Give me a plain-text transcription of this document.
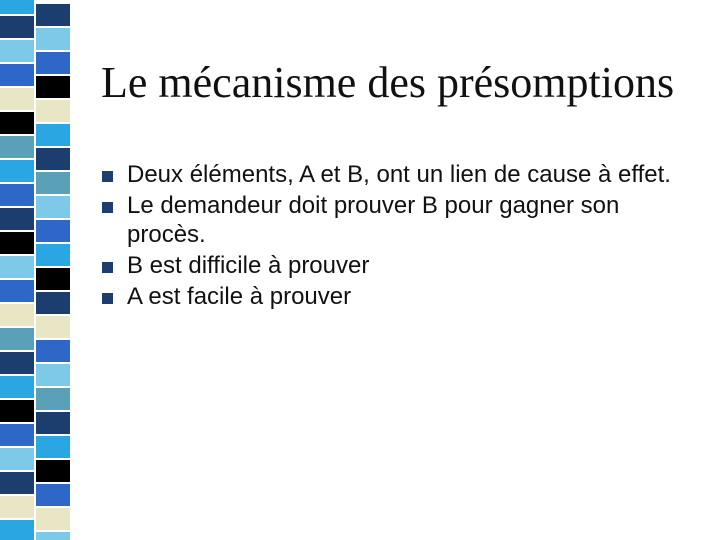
Le mécanisme des présomptions
Deux éléments, A et B, ont un lien de cause à effet.
Le demandeur doit prouver B pour gagner son procès.
B est difficile à prouver
A est facile à prouver
